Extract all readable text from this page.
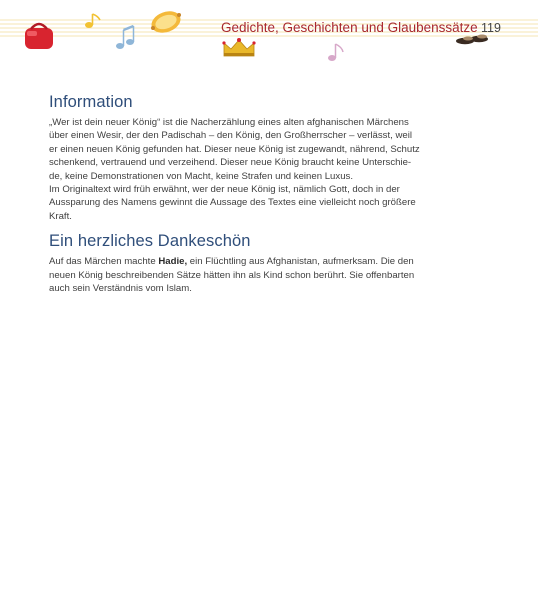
Gedichte, Geschichten und Glaubenssätze 119
Information
„Wer ist dein neuer König“ ist die Nacherzählung eines alten afghanischen Märchens
über einen Wesir, der den Padischah – den König, den Großherrscher – verlässt, weil
er einen neuen König gefunden hat. Dieser neue König ist zugewandt, nährend, Schutz
schenkend, vertrauend und verzeihend. Dieser neue König braucht keine Unterschie-
de, keine Demonstrationen von Macht, keine Strafen und keinen Luxus.
Im Originaltext wird früh erwähnt, wer der neue König ist, nämlich Gott, doch in der
Aussparung des Namens gewinnt die Aussage des Textes eine vielleicht noch größere
Kraft.
Ein herzliches Dankeschön
Auf das Märchen machte Hadie, ein Flüchtling aus Afghanistan, aufmerksam. Die den
neuen König beschreibenden Sätze hätten ihn als Kind schon berührt. Sie offenbarten
auch sein Verständnis vom Islam.
